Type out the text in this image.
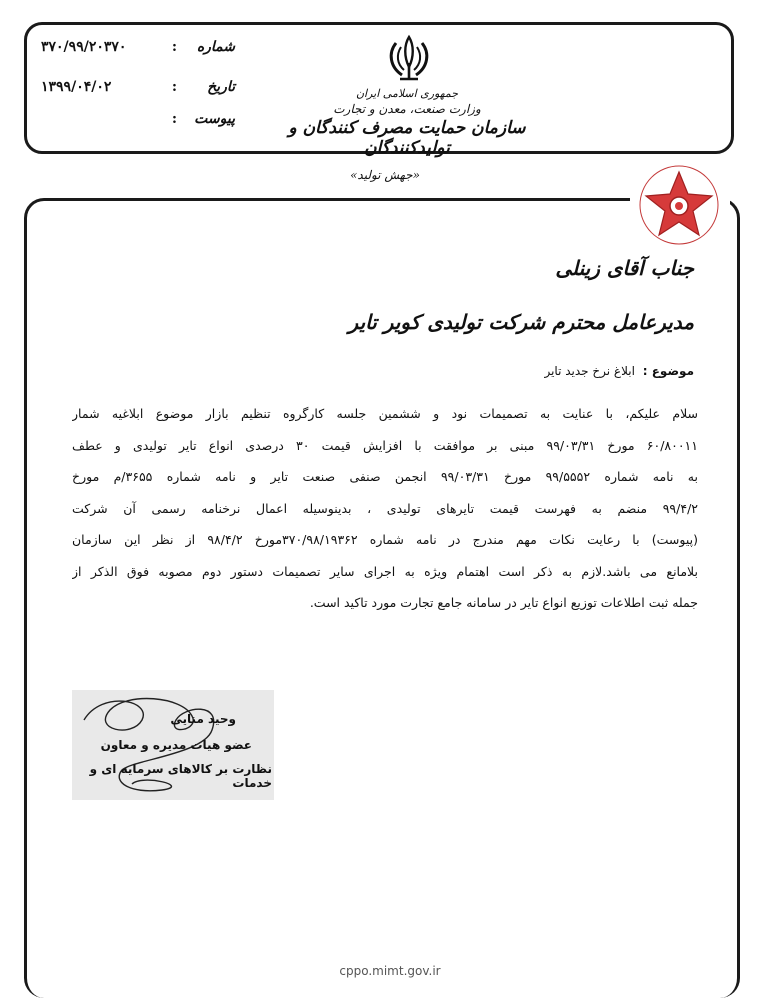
شماره
:
۳۷۰/۹۹/۲۰۳۷۰
تاریخ
:
۱۳۹۹/۰۴/۰۲
پیوست
:
جمهوری اسلامی ایران
وزارت صنعت، معدن و تجارت
سازمان حمایت مصرف کنندگان و تولیدکنندگان
«جهش تولید»
جناب آقای زینلی
مدیرعامل محترم شرکت تولیدی کویر تایر
موضوع : ابلاغ نرخ جدید تایر
سلام علیکم، با عنایت به تصمیمات نود و ششمین جلسه کارگروه تنظیم بازار موضوع ابلاغیه شمار
۶۰/۸۰۰۱۱ مورخ ۹۹/۰۳/۳۱ مبنی بر موافقت با افزایش قیمت ۳۰ درصدی انواع تایر تولیدی و عطف
به نامه شماره ۹۹/۵۵۵۲ مورخ ۹۹/۰۳/۳۱ انجمن صنفی صنعت تایر و نامه شماره ۳۶۵۵/م مورخ
۹۹/۴/۲ منضم به فهرست قیمت تایرهای تولیدی ، بدینوسیله اعمال نرخنامه رسمی آن شرکت
(پیوست) با رعایت نکات مهم مندرج در نامه شماره ۳۷۰/۹۸/۱۹۳۶۲مورخ ۹۸/۴/۲ از نظر این سازمان
بلامانع می باشد.لازم به ذکر است اهتمام ویژه به اجرای سایر تصمیمات دستور دوم مصوبه فوق الذکر از
جمله ثبت اطلاعات توزیع انواع تایر در سامانه جامع تجارت مورد تاکید است.
وحید منایی
عضو هیات مدیره و معاون
نظارت بر کالاهای سرمایه ای و خدمات
cppo.mimt.gov.ir
